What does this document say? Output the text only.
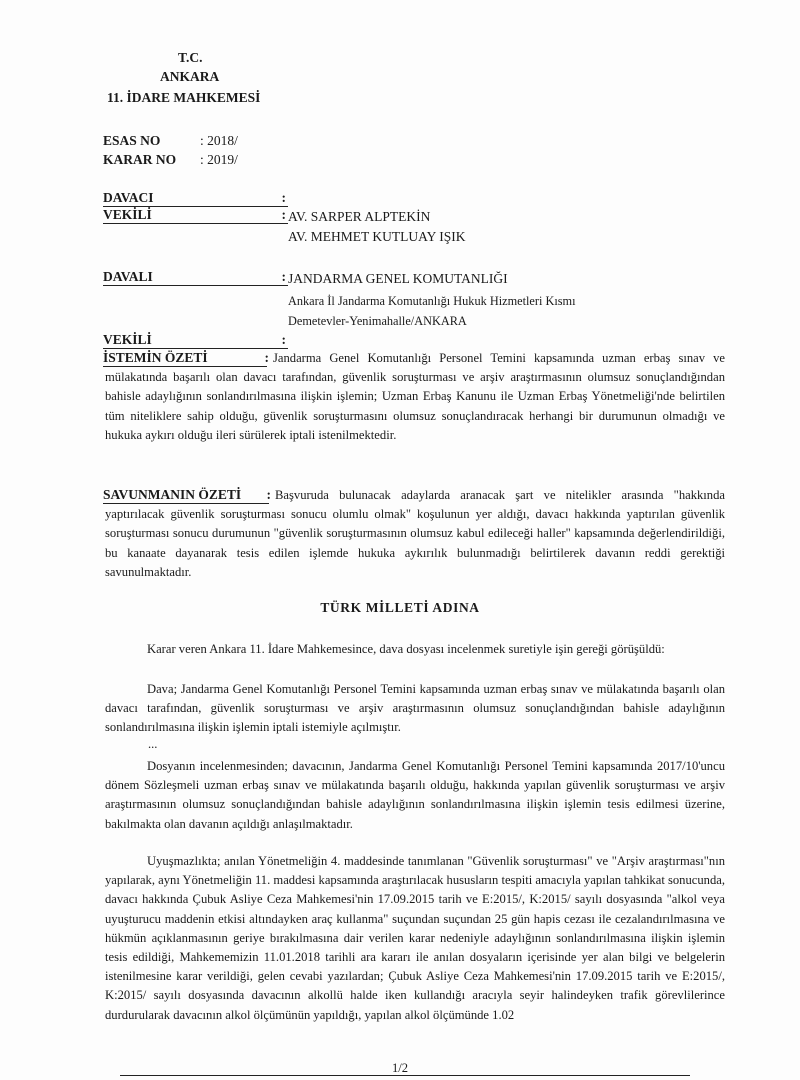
T.C.
ANKARA
11. İDARE MAHKEMESİ
ESAS NO	: 2018/
KARAR NO : 2019/
DAVACI	:
VEKİLİ	: AV. SARPER ALPTEKİN
AV. MEHMET KUTLUAY IŞIK
DAVALI	: JANDARMA GENEL KOMUTANLIĞI
Ankara İl Jandarma Komutanlığı Hukuk Hizmetleri Kısmı
Demetevler-Yenimahalle/ANKARA
VEKİLİ	:
İSTEMİN ÖZETİ	: Jandarma Genel Komutanlığı Personel Temini kapsamında uzman erbaş sınav ve mülakatında başarılı olan davacı tarafından, güvenlik soruşturması ve arşiv araştırmasının olumsuz sonuçlandığından bahisle adaylığının sonlandırılmasına ilişkin işlemin; Uzman Erbaş Kanunu ile Uzman Erbaş Yönetmeliği'nde belirtilen tüm niteliklere sahip olduğu, güvenlik soruşturmasını olumsuz sonuçlandıracak herhangi bir durumunun olmadığı ve hukuka aykırı olduğu ileri sürülerek iptali istenilmektedir.
SAVUNMANIN ÖZETİ : Başvuruda bulunacak adaylarda aranacak şart ve nitelikler arasında "hakkında yaptırılacak güvenlik soruşturması sonucu olumlu olmak" koşulunun yer aldığı, davacı hakkında yaptırılan güvenlik soruşturması sonucu durumunun "güvenlik soruşturmasının olumsuz kabul edileceği haller" kapsamında değerlendirildiği, bu kanaate dayanarak tesis edilen işlemde hukuka aykırılık bulunmadığı belirtilerek davanın reddi gerektiği savunulmaktadır.
TÜRK MİLLETİ ADINA
Karar veren Ankara 11. İdare Mahkemesince, dava dosyası incelenmek suretiyle işin gereği görüşüldü:
Dava; Jandarma Genel Komutanlığı Personel Temini kapsamında uzman erbaş sınav ve mülakatında başarılı olan davacı tarafından, güvenlik soruşturması ve arşiv araştırmasının olumsuz sonuçlandığından bahisle adaylığının sonlandırılmasına ilişkin işlemin iptali istemiyle açılmıştır.
...
Dosyanın incelenmesinden; davacının, Jandarma Genel Komutanlığı Personel Temini kapsamında 2017/10'uncu dönem Sözleşmeli uzman erbaş sınav ve mülakatında başarılı olduğu, hakkında yapılan güvenlik soruşturması ve arşiv araştırmasının olumsuz sonuçlandığından bahisle adaylığının sonlandırılmasına ilişkin işlemin tesis edilmesi üzerine, bakılmakta olan davanın açıldığı anlaşılmaktadır.
Uyuşmazlıkta; anılan Yönetmeliğin 4. maddesinde tanımlanan "Güvenlik soruşturması" ve "Arşiv araştırması"nın yapılarak, aynı Yönetmeliğin 11. maddesi kapsamında araştırılacak hususların tespiti amacıyla yapılan tahkikat sonucunda, davacı hakkında Çubuk Asliye Ceza Mahkemesi'nin 17.09.2015 tarih ve E:2015/, K:2015/ sayılı dosyasında "alkol veya uyuşturucu maddenin etkisi altındayken araç kullanma" suçundan suçundan 25 gün hapis cezası ile cezalandırılmasına ve hükmün açıklanmasının geriye bırakılmasına dair verilen karar nedeniyle adaylığının sonlandırılmasına ilişkin işlemin tesis edildiği, Mahkememizin 11.01.2018 tarihli ara kararı ile anılan dosyaların içerisinde yer alan bilgi ve belgelerin istenilmesine karar verildiği, gelen cevabi yazılardan; Çubuk Asliye Ceza Mahkemesi'nin 17.09.2015 tarih ve E:2015/, K:2015/ sayılı dosyasında davacının alkollü halde iken kullandığı aracıyla seyir halindeyken trafik görevlilerince durdurularak davacının alkol ölçümünün yapıldığı, yapılan alkol ölçümünde 1.02
1/2
